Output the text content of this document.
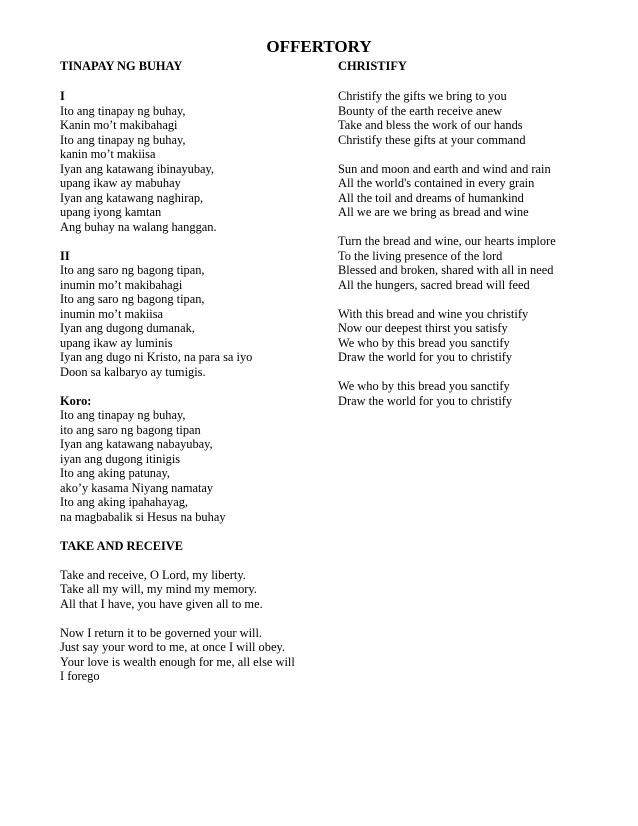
OFFERTORY
TINAPAY NG BUHAY
I
Ito ang tinapay ng buhay,
Kanin mo’t makibahagi
Ito ang tinapay ng buhay,
kanin mo’t makiisa
Iyan ang katawang ibinayubay,
upang ikaw ay mabuhay
Iyan ang katawang naghirap,
upang iyong kamtan
Ang buhay na walang hanggan.
II
Ito ang saro ng bagong tipan,
inumin mo’t makibahagi
Ito ang saro ng bagong tipan,
inumin mo’t makiisa
Iyan ang dugong dumanak,
upang ikaw ay luminis
Iyan ang dugo ni Kristo, na para sa iyo
Doon sa kalbaryo ay tumigis.
Koro:
Ito ang tinapay ng buhay,
ito ang saro ng bagong tipan
Iyan ang katawang nabayubay,
iyan ang dugong itinigis
Ito ang aking patunay,
ako’y kasama Niyang namatay
Ito ang aking ipahahayag,
na magbabalik si Hesus na buhay
TAKE AND RECEIVE
Take and receive, O Lord, my liberty.
Take all my will, my mind my memory.
All that I have, you have given all to me.
Now I return it to be governed your will.
Just say your word to me, at once I will obey.
Your love is wealth enough for me, all else will
I forego
CHRISTIFY
Christify the gifts we bring to you
Bounty of the earth receive anew
Take and bless the work of our hands
Christify these gifts at your command
Sun and moon and earth and wind and rain
All the world's contained in every grain
All the toil and dreams of humankind
All we are we bring as bread and wine
Turn the bread and wine, our hearts implore
To the living presence of the lord
Blessed and broken, shared with all in need
All the hungers, sacred bread will feed
With this bread and wine you christify
Now our deepest thirst you satisfy
We who by this bread you sanctify
Draw the world for you to christify
We who by this bread you sanctify
Draw the world for you to christify
